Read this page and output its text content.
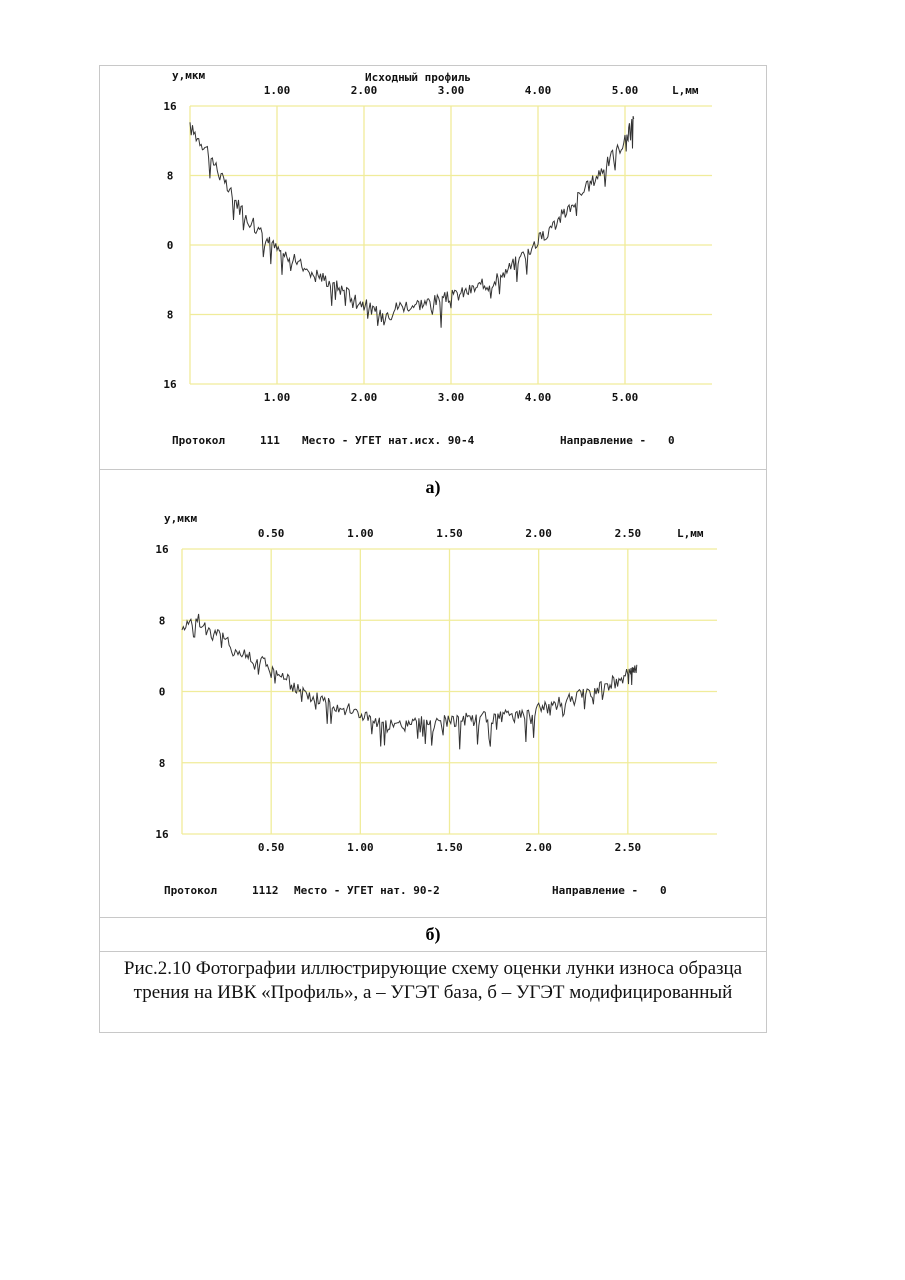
1.00
1.00
2.00
2.00
3.00
3.00
4.00
4.00
5.00
5.00
16
8
0
8
16
y,мкм
L,мм
Исходный профиль
Протокол	111 Место - УГЕТ нат.исх. 90-4	Направление - 0
а)
0.50
0.50
1.00
1.00
1.50
1.50
2.00
2.00
2.50
2.50
16
8
0
8
16
y,мкм
L,мм
Протокол	1112 Место - УГЕТ нат. 90-2	Направление - 0
б)
Рис.2.10 Фотографии иллюстрирующие схему оценки лунки износа образца трения на ИВК «Профиль», а – УГЭТ база, б – УГЭТ модифицированный
